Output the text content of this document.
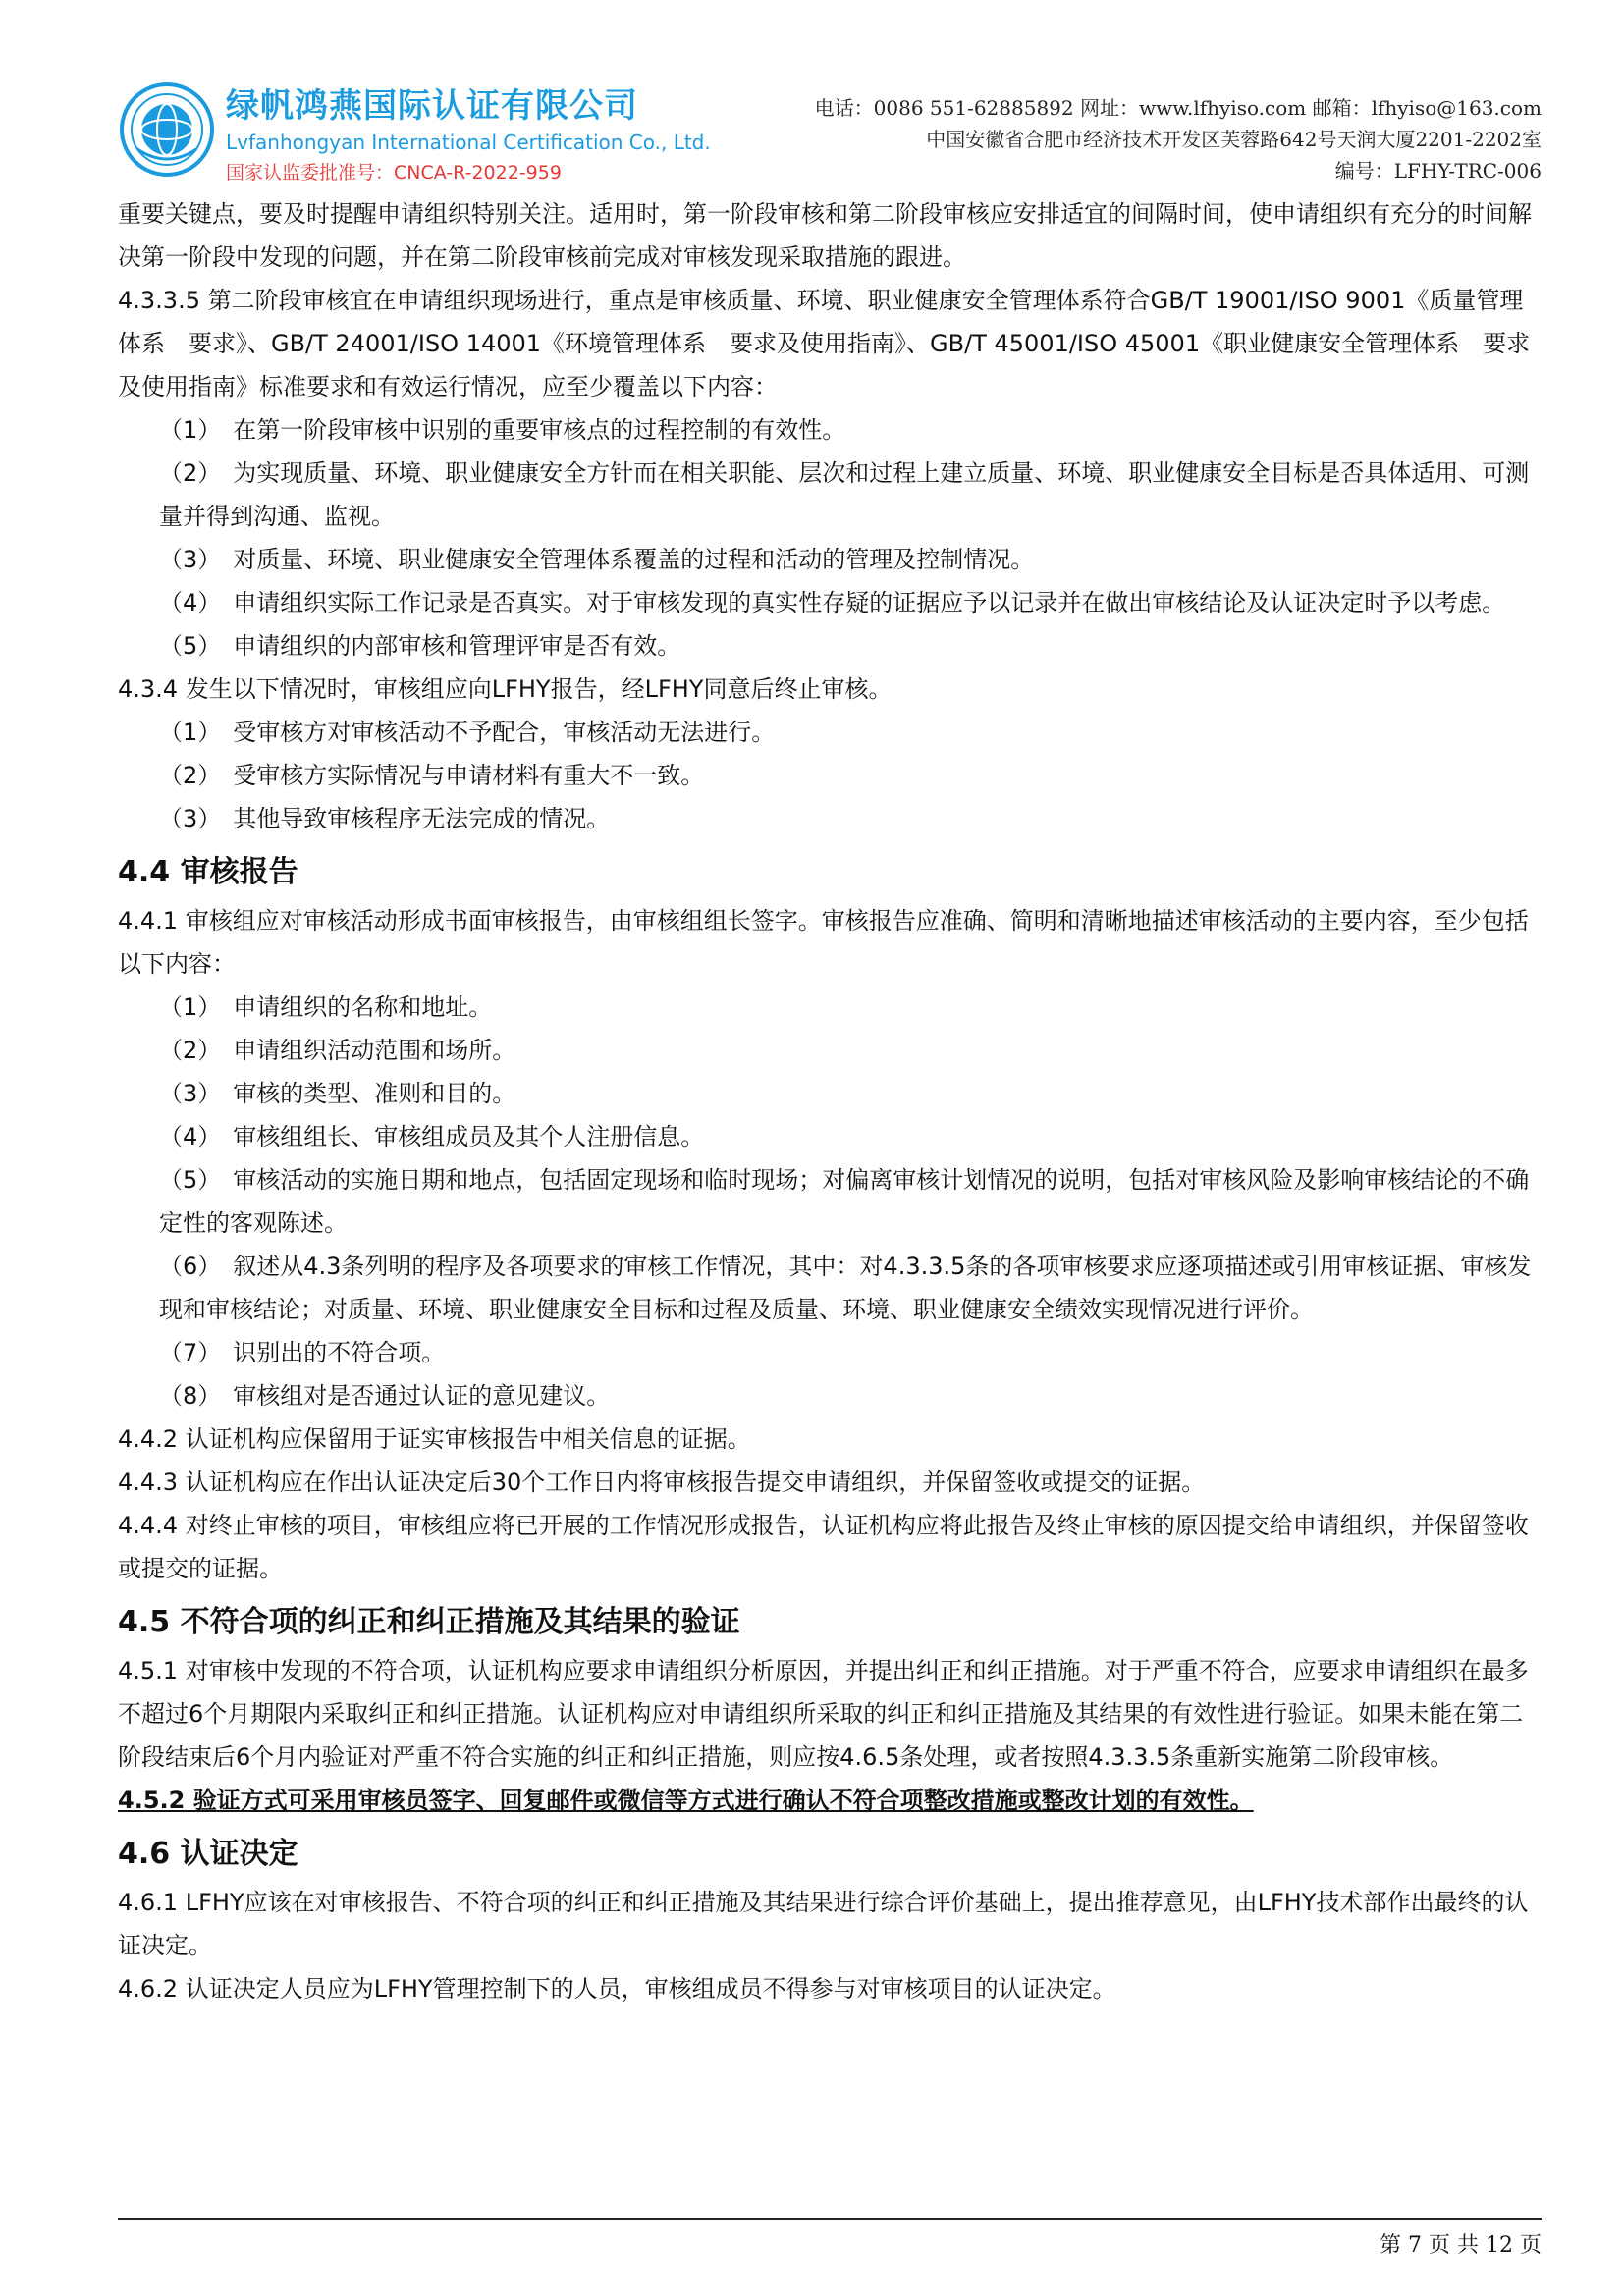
绿帆鸿燕国际认证有限公司
Lvfanhongyan International Certification Co., Ltd.
国家认监委批准号：CNCA-R-2022-959
电话：0086 551-62885892 网址：www.lfhyiso.com 邮箱：lfhyiso@163.com
中国安徽省合肥市经济技术开发区芙蓉路642号天润大厦2201-2202室
编号：LFHY-TRC-006

重要关键点，要及时提醒申请组织特别关注。适用时，第一阶段审核和第二阶段审核应安排适宜的间隔时间，使申请组织有充分的时间解决第一阶段中发现的问题，并在第二阶段审核前完成对审核发现采取措施的跟进。

4.3.3.5 第二阶段审核宜在申请组织现场进行，重点是审核质量、环境、职业健康安全管理体系符合GB/T 19001/ISO 9001《质量管理体系　要求》、GB/T 24001/ISO 14001《环境管理体系　要求及使用指南》、GB/T 45001/ISO 45001《职业健康安全管理体系　要求及使用指南》标准要求和有效运行情况，应至少覆盖以下内容：

（1）　在第一阶段审核中识别的重要审核点的过程控制的有效性。

（2）　为实现质量、环境、职业健康安全方针而在相关职能、层次和过程上建立质量、环境、职业健康安全目标是否具体适用、可测量并得到沟通、监视。

（3）　对质量、环境、职业健康安全管理体系覆盖的过程和活动的管理及控制情况。

（4）　申请组织实际工作记录是否真实。对于审核发现的真实性存疑的证据应予以记录并在做出审核结论及认证决定时予以考虑。

（5）　申请组织的内部审核和管理评审是否有效。

4.3.4 发生以下情况时，审核组应向LFHY报告，经LFHY同意后终止审核。

（1）　受审核方对审核活动不予配合，审核活动无法进行。

（2）　受审核方实际情况与申请材料有重大不一致。

（3）　其他导致审核程序无法完成的情况。

4.4 审核报告

4.4.1 审核组应对审核活动形成书面审核报告，由审核组组长签字。审核报告应准确、简明和清晰地描述审核活动的主要内容，至少包括以下内容：

（1）　申请组织的名称和地址。

（2）　申请组织活动范围和场所。

（3）　审核的类型、准则和目的。

（4）　审核组组长、审核组成员及其个人注册信息。

（5）　审核活动的实施日期和地点，包括固定现场和临时现场；对偏离审核计划情况的说明，包括对审核风险及影响审核结论的不确定性的客观陈述。

（6）　叙述从4.3条列明的程序及各项要求的审核工作情况，其中：对4.3.3.5条的各项审核要求应逐项描述或引用审核证据、审核发现和审核结论；对质量、环境、职业健康安全目标和过程及质量、环境、职业健康安全绩效实现情况进行评价。

（7）　识别出的不符合项。

（8）　审核组对是否通过认证的意见建议。

4.4.2 认证机构应保留用于证实审核报告中相关信息的证据。

4.4.3 认证机构应在作出认证决定后30个工作日内将审核报告提交申请组织，并保留签收或提交的证据。

4.4.4 对终止审核的项目，审核组应将已开展的工作情况形成报告，认证机构应将此报告及终止审核的原因提交给申请组织，并保留签收或提交的证据。

4.5 不符合项的纠正和纠正措施及其结果的验证

4.5.1 对审核中发现的不符合项，认证机构应要求申请组织分析原因，并提出纠正和纠正措施。对于严重不符合，应要求申请组织在最多不超过6个月期限内采取纠正和纠正措施。认证机构应对申请组织所采取的纠正和纠正措施及其结果的有效性进行验证。如果未能在第二阶段结束后6个月内验证对严重不符合实施的纠正和纠正措施，则应按4.6.5条处理，或者按照4.3.3.5条重新实施第二阶段审核。

4.5.2 验证方式可采用审核员签字、回复邮件或微信等方式进行确认不符合项整改措施或整改计划的有效性。

4.6 认证决定

4.6.1 LFHY应该在对审核报告、不符合项的纠正和纠正措施及其结果进行综合评价基础上，提出推荐意见，由LFHY技术部作出最终的认证决定。

4.6.2 认证决定人员应为LFHY管理控制下的人员，审核组成员不得参与对审核项目的认证决定。

第 7 页 共 12 页
